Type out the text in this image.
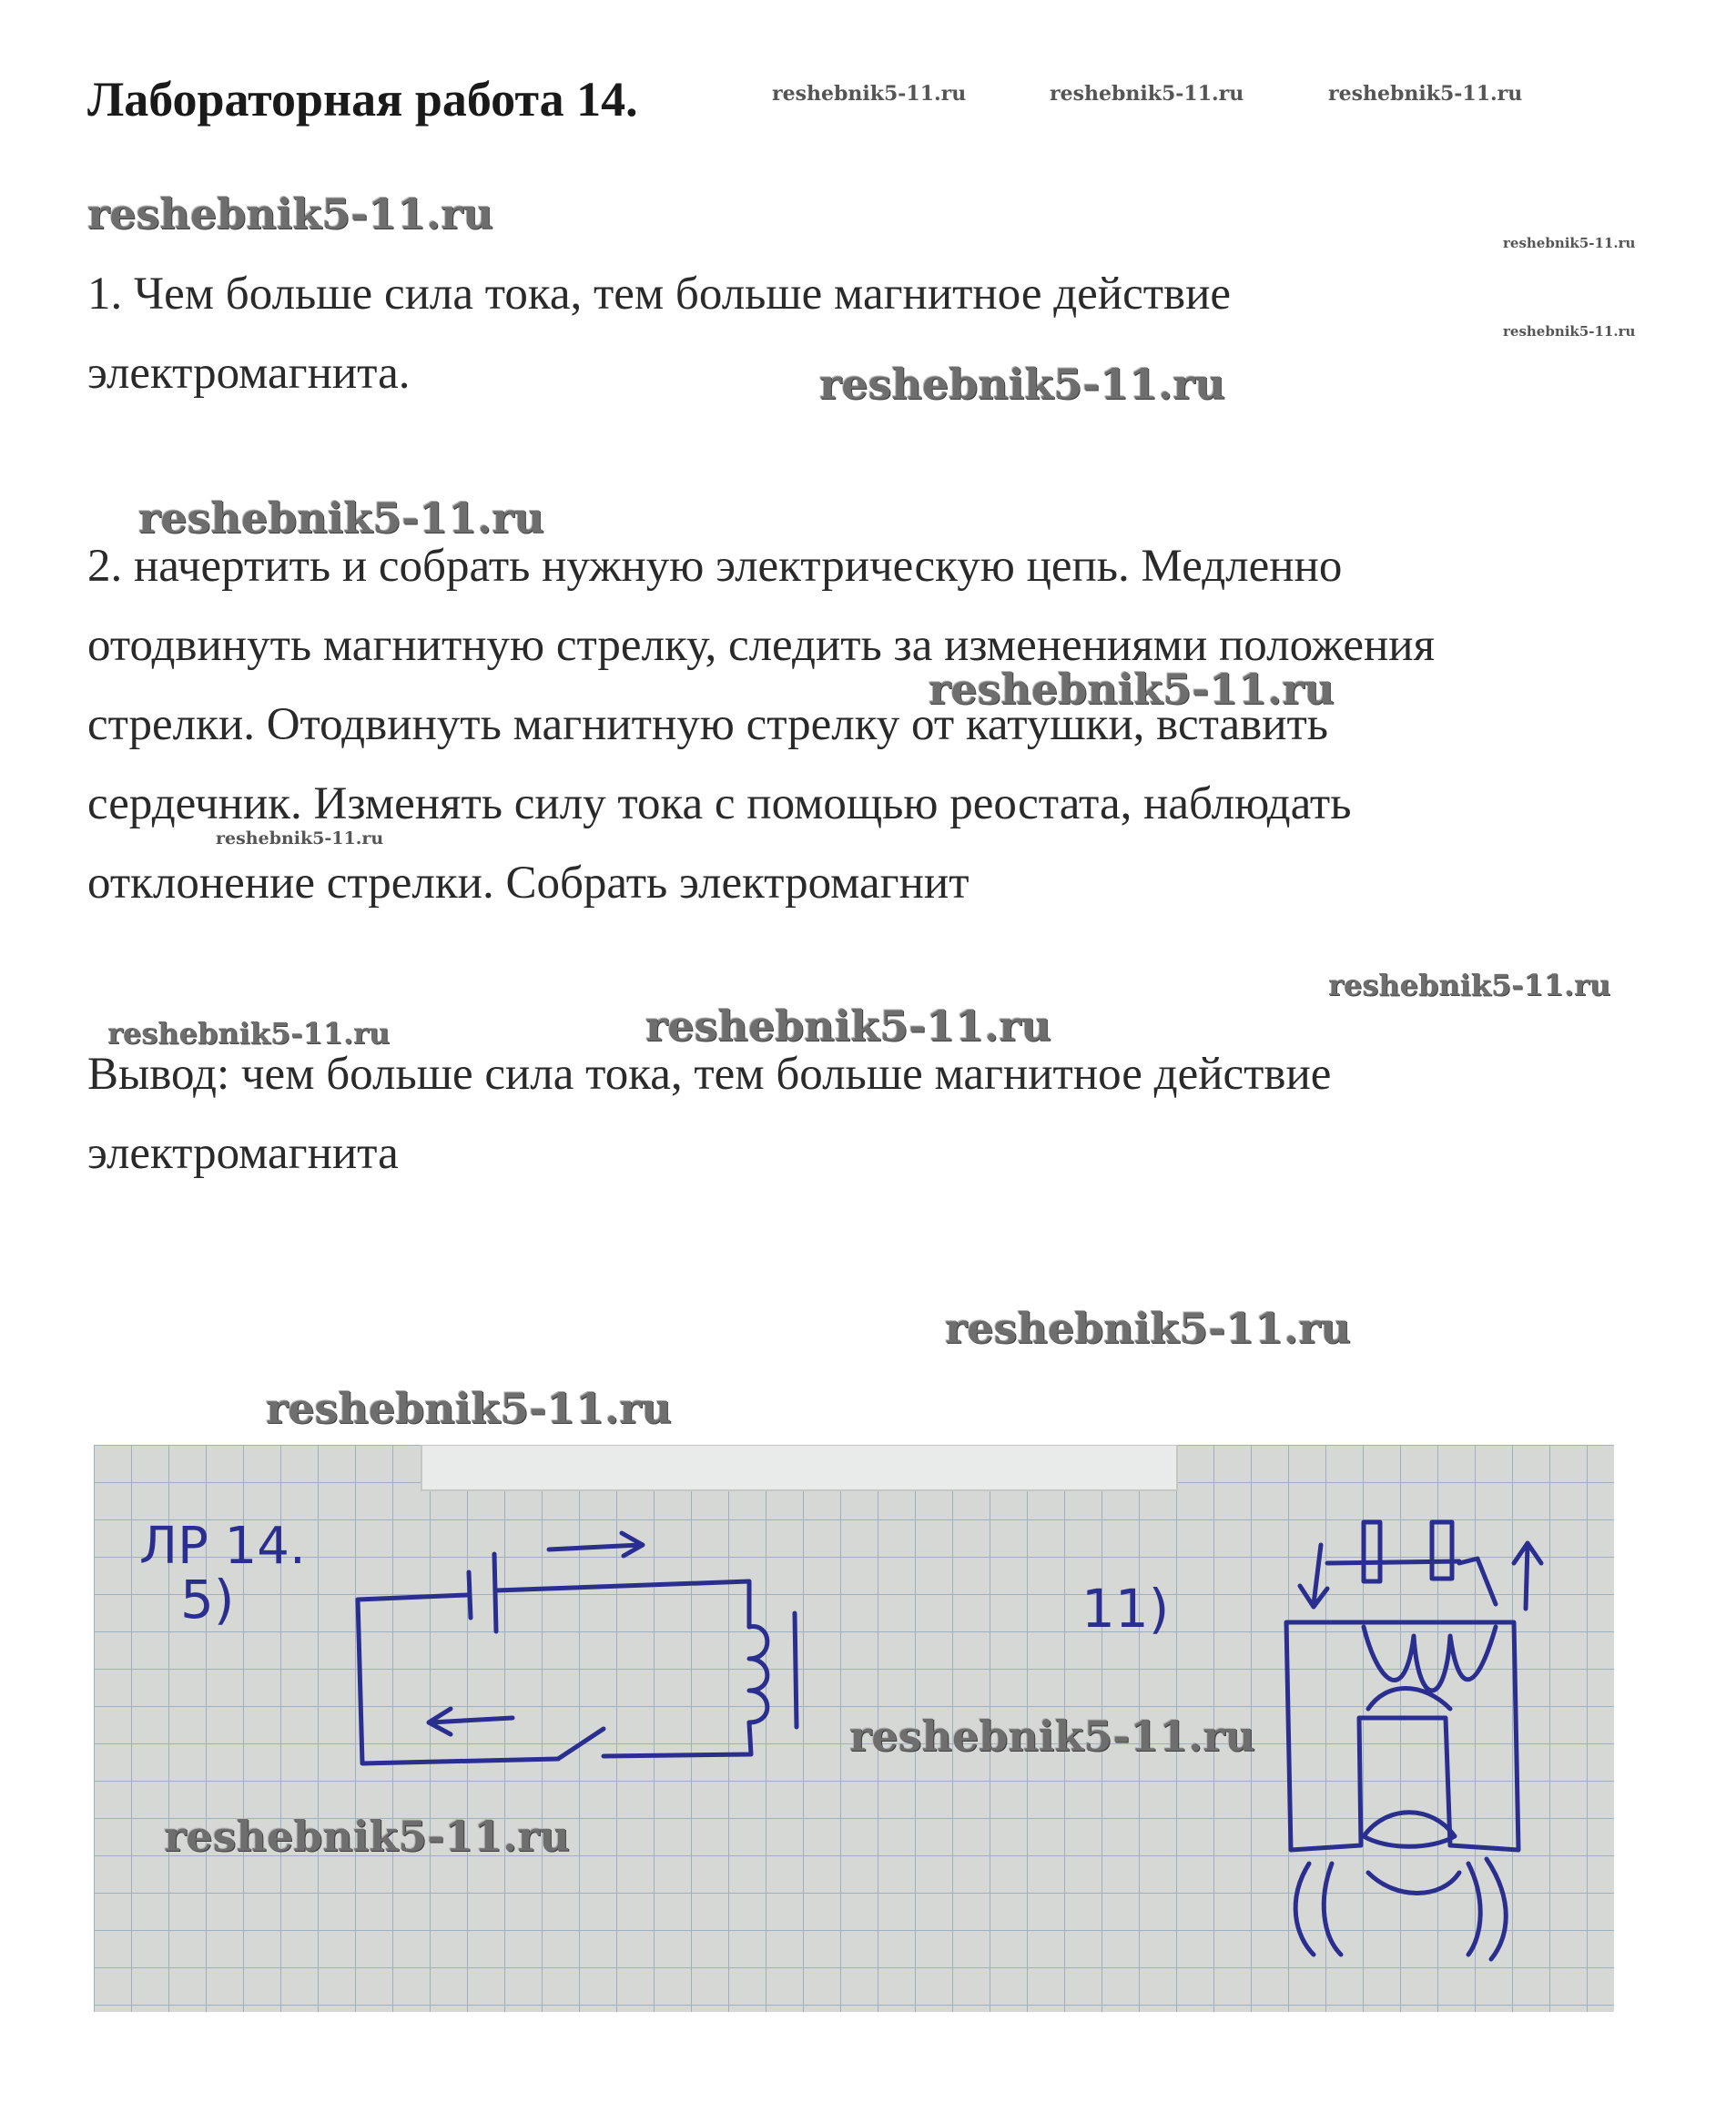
Лабораторная работа 14.	reshebnik5-11.ru	reshebnik5-11.ru	reshebnik5-11.ru
reshebnik5-11.ru
reshebnik5-11.ru
reshebnik5-11.ru
1. Чем больше сила тока, тем больше магнитное действие
электромагнита.	reshebnik5-11.ru
reshebnik5-11.ru
2. начертить и собрать нужную электрическую цепь. Медленно
отодвинуть магнитную стрелку, следить за изменениями положения
стрелки. Отодвинуть магнитную стрелку от катушки, вставить
сердечник. Изменять силу тока с помощью реостата, наблюдать
отклонение стрелки. Собрать электромагнит
reshebnik5-11.ru
reshebnik5-11.ru
reshebnik5-11.ru
reshebnik5-11.ru	reshebnik5-11.ru
Вывод: чем больше сила тока, тем больше магнитное действие
электромагнита
reshebnik5-11.ru
reshebnik5-11.ru
ЛР 14.
5)	11)
reshebnik5-11.ru
reshebnik5-11.ru
